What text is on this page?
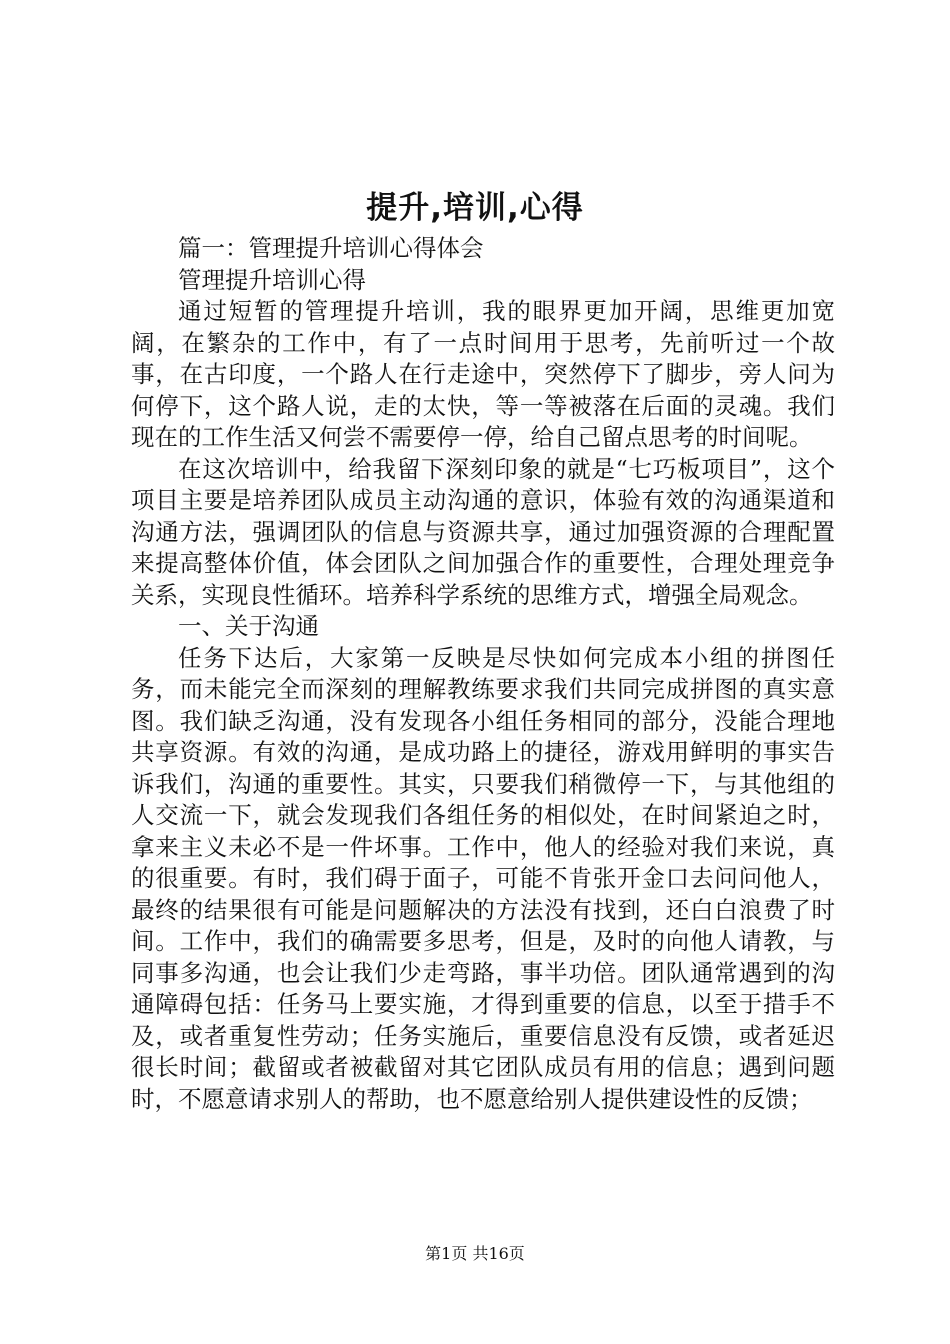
提升,培训,心得

篇一：管理提升培训心得体会

管理提升培训心得

通过短暂的管理提升培训，我的眼界更加开阔，思维更加宽阔，在繁杂的工作中，有了一点时间用于思考，先前听过一个故事，在古印度，一个路人在行走途中，突然停下了脚步，旁人问为何停下，这个路人说，走的太快，等一等被落在后面的灵魂。我们现在的工作生活又何尝不需要停一停，给自己留点思考的时间呢。

在这次培训中，给我留下深刻印象的就是“七巧板项目”，这个项目主要是培养团队成员主动沟通的意识，体验有效的沟通渠道和沟通方法，强调团队的信息与资源共享，通过加强资源的合理配置来提高整体价值，体会团队之间加强合作的重要性，合理处理竞争关系，实现良性循环。培养科学系统的思维方式，增强全局观念。

一、关于沟通

任务下达后，大家第一反映是尽快如何完成本小组的拼图任务，而未能完全而深刻的理解教练要求我们共同完成拼图的真实意图。我们缺乏沟通，没有发现各小组任务相同的部分，没能合理地共享资源。有效的沟通，是成功路上的捷径，游戏用鲜明的事实告诉我们，沟通的重要性。其实，只要我们稍微停一下，与其他组的人交流一下，就会发现我们各组任务的相似处，在时间紧迫之时，拿来主义未必不是一件坏事。工作中，他人的经验对我们来说，真的很重要。有时，我们碍于面子，可能不肯张开金口去问问他人，最终的结果很有可能是问题解决的方法没有找到，还白白浪费了时间。工作中，我们的确需要多思考，但是，及时的向他人请教，与同事多沟通，也会让我们少走弯路，事半功倍。团队通常遇到的沟通障碍包括：任务马上要实施，才得到重要的信息，以至于措手不及，或者重复性劳动；任务实施后，重要信息没有反馈，或者延迟很长时间；截留或者被截留对其它团队成员有用的信息；遇到问题时，不愿意请求别人的帮助，也不愿意给别人提供建设性的反馈；

第1页 共16页
